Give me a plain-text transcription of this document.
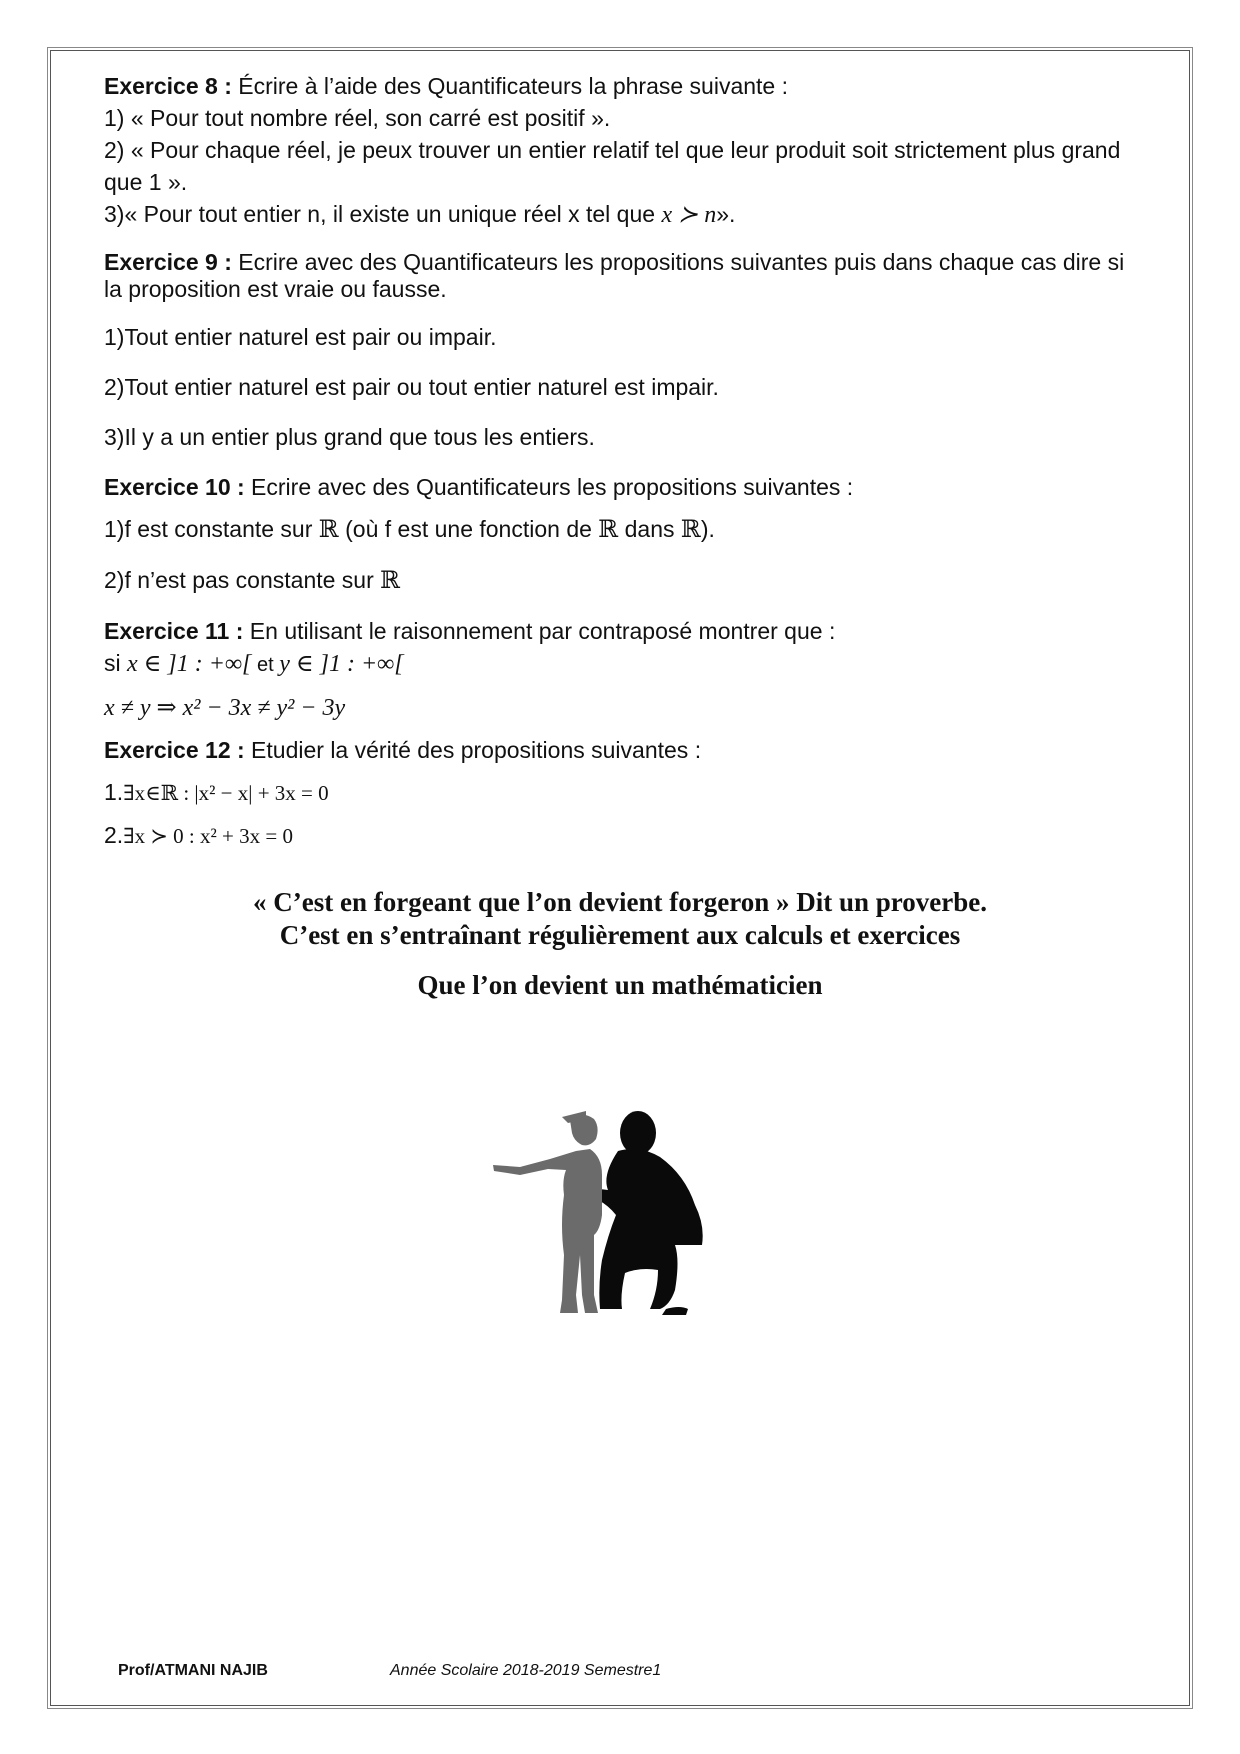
Exercice 8 : Écrire à l’aide des Quantificateurs la phrase suivante :

1) « Pour tout nombre réel, son carré est positif ».

2) « Pour chaque réel, je peux trouver un entier relatif tel que leur produit soit strictement plus grand que 1 ».

3)« Pour tout entier n, il existe un unique réel x tel que x ≻ n».

Exercice 9 : Ecrire avec des Quantificateurs les propositions suivantes puis dans chaque cas dire si la proposition est vraie ou fausse.

1)Tout entier naturel est pair ou impair.

2)Tout entier naturel est pair ou tout entier naturel est impair.

3)Il y a un entier plus grand que tous les entiers.

Exercice 10 : Ecrire avec des Quantificateurs les propositions suivantes :

1)f est constante sur ℝ (où f est une fonction de ℝ dans ℝ).

2)f n’est pas constante sur ℝ

Exercice 11 : En utilisant le raisonnement par contraposé montrer que :

si x ∈ ]1 : +∞[ et y ∈ ]1 : +∞[

x ≠ y ⇒ x² − 3x ≠ y² − 3y

Exercice 12 : Etudier la vérité des propositions suivantes :

1.∃x∈ℝ : |x² − x| + 3x = 0

2.∃x ≻ 0 : x² + 3x = 0

« C’est en forgeant que l’on devient forgeron » Dit un proverbe.
C’est en s’entraînant régulièrement aux calculs et exercices
Que l’on devient un mathématicien
Prof/ATMANI NAJIB	Année Scolaire 2018-2019 Semestre1
